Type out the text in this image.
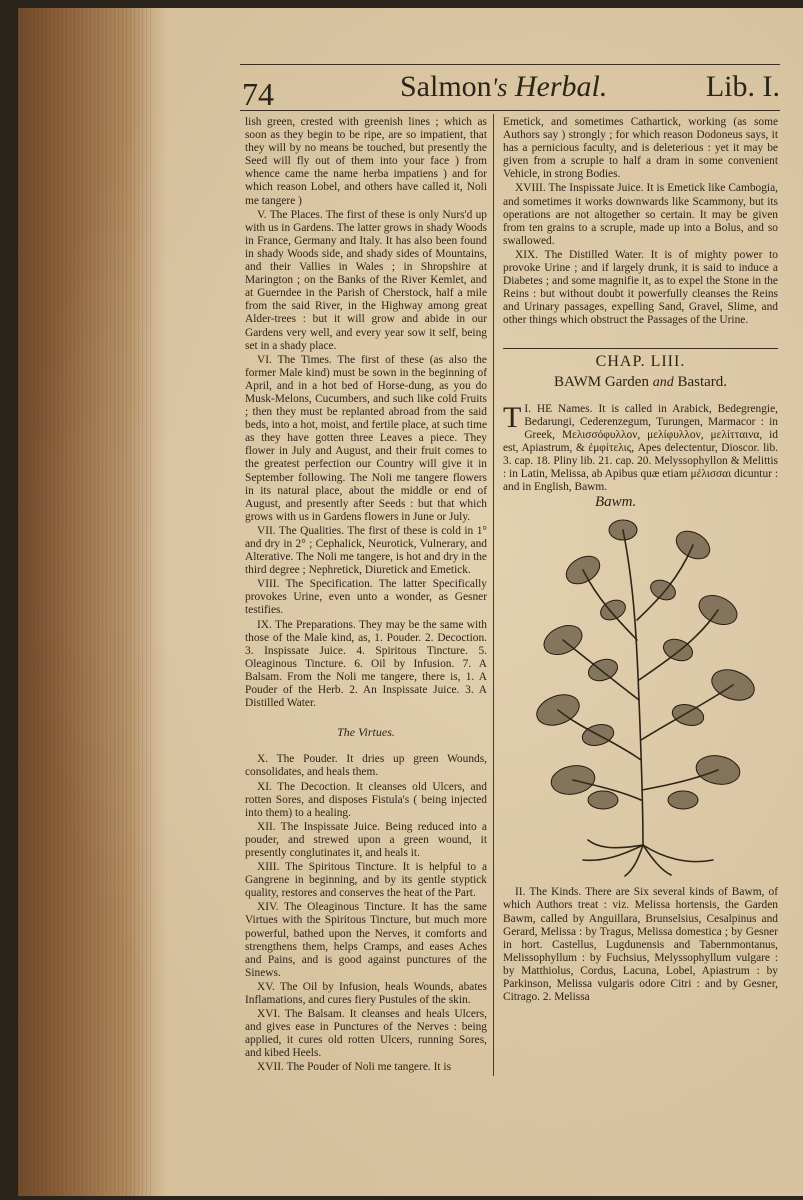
74	Salmon's Herbal.	Lib. I.

lish green, crested with greenish lines ; which as soon as they begin to be ripe, are so impatient, that they will by no means be touched, but presently the Seed will fly out of them into your face ) from whence came the name herba impatiens ) and for which reason Lobel, and others have called it, Noli me tangere )

V. The Places. The first of these is only Nurs'd up with us in Gardens. The latter grows in shady Woods in France, Germany and Italy. It has also been found in shady Woods side, and shady sides of Mountains, and their Vallies in Wales ; in Shropshire at Marington ; on the Banks of the River Kemlet, and at Guerndee in the Parish of Cherstock, half a mile from the said River, in the Highway among great Alder-trees : but it will grow and abide in our Gardens very well, and every year sow it self, being set in a shady place.

VI. The Times. The first of these (as also the former Male kind) must be sown in the beginning of April, and in a hot bed of Horse-dung, as you do Musk-Melons, Cucumbers, and such like cold Fruits ; then they must be replanted abroad from the said beds, into a hot, moist, and fertile place, at such time as they have gotten three Leaves a piece. They flower in July and August, and their fruit comes to the greatest perfection our Country will give it in September following. The Noli me tangere flowers in its natural place, about the middle or end of August, and presently after Seeds : but that which grows with us in Gardens flowers in June or July.

VII. The Qualities. The first of these is cold in 1° and dry in 2° ; Cephalick, Neurotick, Vulnerary, and Alterative. The Noli me tangere, is hot and dry in the third degree ; Nephretick, Diuretick and Emetick.

VIII. The Specification. The latter Specifically provokes Urine, even unto a wonder, as Gesner testifies.

IX. The Preparations. They may be the same with those of the Male kind, as, 1. Pouder. 2. Decoction. 3. Inspissate Juice. 4. Spiritous Tincture. 5. Oleaginous Tincture. 6. Oil by Infusion. 7. A Balsam. From the Noli me tangere, there is, 1. A Pouder of the Herb. 2. An Inspissate Juice. 3. A Distilled Water.

The Virtues.

X. The Pouder. It dries up green Wounds, consolidates, and heals them.

XI. The Decoction. It cleanses old Ulcers, and rotten Sores, and disposes Fistula's ( being injected into them) to a healing.

XII. The Inspissate Juice. Being reduced into a pouder, and strewed upon a green wound, it presently conglutinates it, and heals it.

XIII. The Spiritous Tincture. It is helpful to a Gangrene in beginning, and by its gentle styptick quality, restores and conserves the heat of the Part.

XIV. The Oleaginous Tincture. It has the same Virtues with the Spiritous Tincture, but much more powerful, bathed upon the Nerves, it comforts and strengthens them, helps Cramps, and eases Aches and Pains, and is good against punctures of the Sinews.

XV. The Oil by Infusion, heals Wounds, abates Inflamations, and cures fiery Pustules of the skin.

XVI. The Balsam. It cleanses and heals Ulcers, and gives ease in Punctures of the Nerves : being applied, it cures old rotten Ulcers, running Sores, and kibed Heels.

XVII. The Pouder of Noli me tangere. It is

Emetick, and sometimes Cathartick, working (as some Authors say ) strongly ; for which reason Dodoneus says, it has a pernicious faculty, and is deleterious : yet it may be given from a scruple to half a dram in some convenient Vehicle, in strong Bodies.

XVIII. The Inspissate Juice. It is Emetick like Cambogia, and sometimes it works downwards like Scammony, but its operations are not altogether so certain. It may be given from ten grains to a scruple, made up into a Bolus, and so swallowed.

XIX. The Distilled Water. It is of mighty power to provoke Urine ; and if largely drunk, it is said to induce a Diabetes ; and some magnifie it, as to expel the Stone in the Reins : but without doubt it powerfully cleanses the Reins and Urinary passages, expelling Sand, Gravel, Slime, and other things which obstruct the Passages of the Urine.

CHAP. LIII.
BAWM Garden and Bastard.

I.
T HE Names. It is called in Arabick, Bedegrengie, Bedarungi, Cederenzegum, Turungen, Marmacor : in Greek, Μελισσόφυλλον, μελίφυλλον, μελίτταινα, id est, Apiastrum, & ἐμφίτελις, Apes delectentur, Dioscor. lib. 3. cap. 18. Pliny lib. 21. cap. 20. Melyssophyllon & Melittis : in Latin, Melissa, ab Apibus quæ etiam μέλισσαι dicuntur : and in English, Bawm.

Bawm.

II. The Kinds. There are Six several kinds of Bawm, of which Authors treat : viz. Melissa hortensis, the Garden Bawm, called by Anguillara, Brunselsius, Cesalpinus and Gerard, Melissa : by Tragus, Melissa domestica ; by Gesner in hort. Castellus, Lugdunensis and Tabernmontanus, Melissophyllum : by Fuchsius, Melyssophyllum vulgare : by Matthiolus, Cordus, Lacuna, Lobel, Apiastrum : by Parkinson, Melissa vulgaris odore Citri : and by Gesner, Citrago. 2. Melissa
